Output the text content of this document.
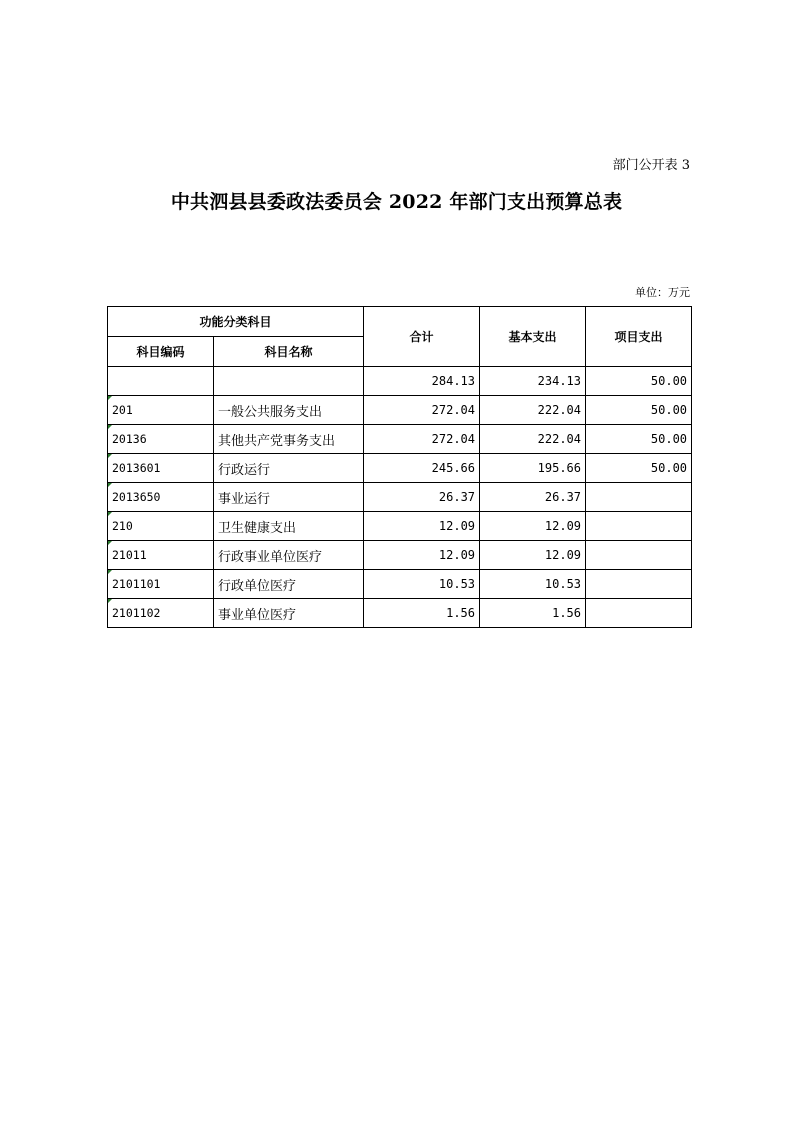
部门公开表 3
中共泗县县委政法委员会 2022 年部门支出预算总表
单位：万元
功能分类科目		合计	基本支出	项目支出
科目编码	科目名称			
		284.13	234.13	50.00

201	一般公共服务支出	272.04	222.04	50.00

20136	其他共产党事务支出	272.04	222.04	50.00

2013601	行政运行	245.66	195.66	50.00

2013650	事业运行	26.37	26.37	

210	卫生健康支出	12.09	12.09	

21011	行政事业单位医疗	12.09	12.09	

2101101	行政单位医疗	10.53	10.53	

2101102	事业单位医疗	1.56	1.56	
